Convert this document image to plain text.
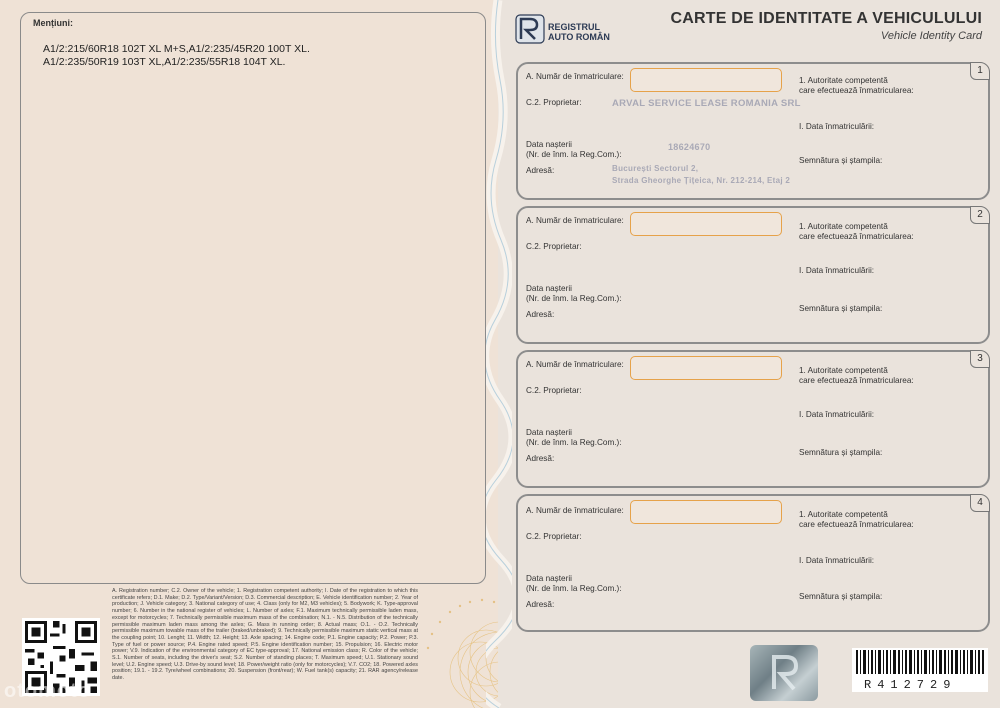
Mențiuni:
A1/2:215/60R18 102T XL M+S,A1/2:235/45R20 100T XL.
A1/2:235/50R19 103T XL,A1/2:235/55R18 104T XL.
A. Registration number; C.2. Owner of the vehicle; 1. Registration competent authority; I. Date of the registration to which this certificate refers; D.1. Make; D.2. Type/Variant/Version; D.3. Commercial description; E. Vehicle identification number; 2. Year of production; J. Vehicle category; 3. National category of use; 4. Class (only for M2, M3 vehicles); 5. Bodywork; K. Type-approval number; 6. Number in the national register of vehicles; L. Number of axles; F.1. Maximum technically permissible laden mass, except for motorcycles; 7. Technically permissible maximum mass of the combination; N.1. - N.5. Distribution of the technically permissible maximum laden mass among the axles; G. Mass in running order; 8. Actual mass; O.1. - O.2. Technically permissible maximum towable mass of the trailer (braked/unbraked); 9. Technically permissible maximum static vertical mass at the coupling point; 10. Lenght; 11. Width; 12. Height; 13. Axle spacing; 14. Engine code; P.1. Engine capacity; P.2. Power; P.3. Type of fuel or power source; P.4. Engine rated speed; P.5. Engine identification number; 15. Propulsion; 16. Electric motor power; V.9. Indication of the environmental category of EC type-approval; 17. National emission class; R. Color of the vehicle; S.1. Number of seats, including the driver's seat; S.2. Number of standing places; T. Maximum speed; U.1. Stationary sound level; U.2. Engine speed; U.3. Drive-by sound level; 18. Power/weight ratio (only for motorcycles); V.7. CO2; 18. Powered axles position; 19.1. - 19.2. Tyre/wheel combinations; 20. Suspension (front/rear); W. Fuel tank(s) capacity; 21. RAR agency/release date.
otomoto
REGISTRUL
AUTO ROMÂN
CARTE DE IDENTITATE A VEHICULULUI
Vehicle Identity Card
1
A. Număr de înmatriculare:
C.2. Proprietar:	ARVAL SERVICE LEASE ROMANIA SRL
Data nașterii
(Nr. de înm. la Reg.Com.):
18624670
Adresă:	București Sectorul 2,
Strada Gheorghe Țițeica, Nr. 212-214, Etaj 2
1. Autoritate competentă
care efectuează înmatricularea:
I. Data înmatriculării:
Semnătura și ștampila:
2
A. Număr de înmatriculare:
C.2. Proprietar:
Data nașterii
(Nr. de înm. la Reg.Com.):
Adresă:
1. Autoritate competentă
care efectuează înmatricularea:
I. Data înmatriculării:
Semnătura și ștampila:
3
A. Număr de înmatriculare:
C.2. Proprietar:
Data nașterii
(Nr. de înm. la Reg.Com.):
Adresă:
1. Autoritate competentă
care efectuează înmatricularea:
I. Data înmatriculării:
Semnătura și ștampila:
4
A. Număr de înmatriculare:
C.2. Proprietar:
Data nașterii
(Nr. de înm. la Reg.Com.):
Adresă:
1. Autoritate competentă
care efectuează înmatricularea:
I. Data înmatriculării:
Semnătura și ștampila:
R412729
